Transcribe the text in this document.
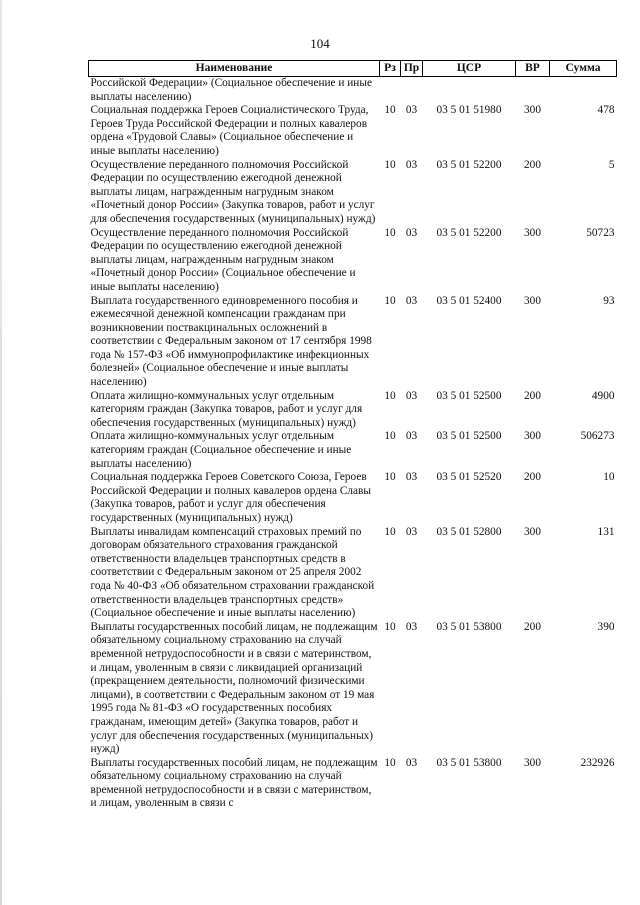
104
Наименование	Рз	Пр	ЦСР	ВР	Сумма
Российской Федерации» (Социальное обеспечение и иные выплаты населению)					
Социальная поддержка Героев Социалистического Труда, Героев Труда Российской Федерации и полных кавалеров ордена «Трудовой Славы» (Социальное обеспечение и иные выплаты населению)	10	03	03 5 01 51980	300	478
Осуществление переданного полномочия Российской Федерации по осуществлению ежегодной денежной выплаты лицам, награжденным нагрудным знаком «Почетный донор России» (Закупка товаров, работ и услуг для обеспечения государственных (муниципальных) нужд)	10	03	03 5 01 52200	200	5
Осуществление переданного полномочия Российской Федерации по осуществлению ежегодной денежной выплаты лицам, награжденным нагрудным знаком «Почетный донор России» (Социальное обеспечение и иные выплаты населению)	10	03	03 5 01 52200	300	50723
Выплата государственного единовременного пособия и ежемесячной денежной компенсации гражданам при возникновении поствакцинальных осложнений в соответствии с Федеральным законом от 17 сентября 1998 года № 157-ФЗ «Об иммунопрофилактике инфекционных болезней» (Социальное обеспечение и иные выплаты населению)	10	03	03 5 01 52400	300	93
Оплата жилищно-коммунальных услуг отдельным категориям граждан (Закупка товаров, работ и услуг для обеспечения государственных (муниципальных) нужд)	10	03	03 5 01 52500	200	4900
Оплата жилищно-коммунальных услуг отдельным категориям граждан (Социальное обеспечение и иные выплаты населению)	10	03	03 5 01 52500	300	506273
Социальная поддержка Героев Советского Союза, Героев Российской Федерации и полных кавалеров ордена Славы (Закупка товаров, работ и услуг для обеспечения государственных (муниципальных) нужд)	10	03	03 5 01 52520	200	10
Выплаты инвалидам компенсаций страховых премий по договорам обязательного страхования гражданской ответственности владельцев транспортных средств в соответствии с Федеральным законом от 25 апреля 2002 года № 40-ФЗ «Об обязательном страховании гражданской ответственности владельцев транспортных средств» (Социальное обеспечение и иные выплаты населению)	10	03	03 5 01 52800	300	131
Выплаты государственных пособий лицам, не подлежащим обязательному социальному страхованию на случай временной нетрудоспособности и в связи с материнством, и лицам, уволенным в связи с ликвидацией организаций (прекращением деятельности, полномочий физическими лицами), в соответствии с Федеральным законом от 19 мая 1995 года № 81-ФЗ «О государственных пособиях гражданам, имеющим детей» (Закупка товаров, работ и услуг для обеспечения государственных (муниципальных) нужд)	10	03	03 5 01 53800	200	390
Выплаты государственных пособий лицам, не подлежащим обязательному социальному страхованию на случай временной нетрудоспособности и в связи с материнством, и лицам, уволенным в связи с	10	03	03 5 01 53800	300	232926
